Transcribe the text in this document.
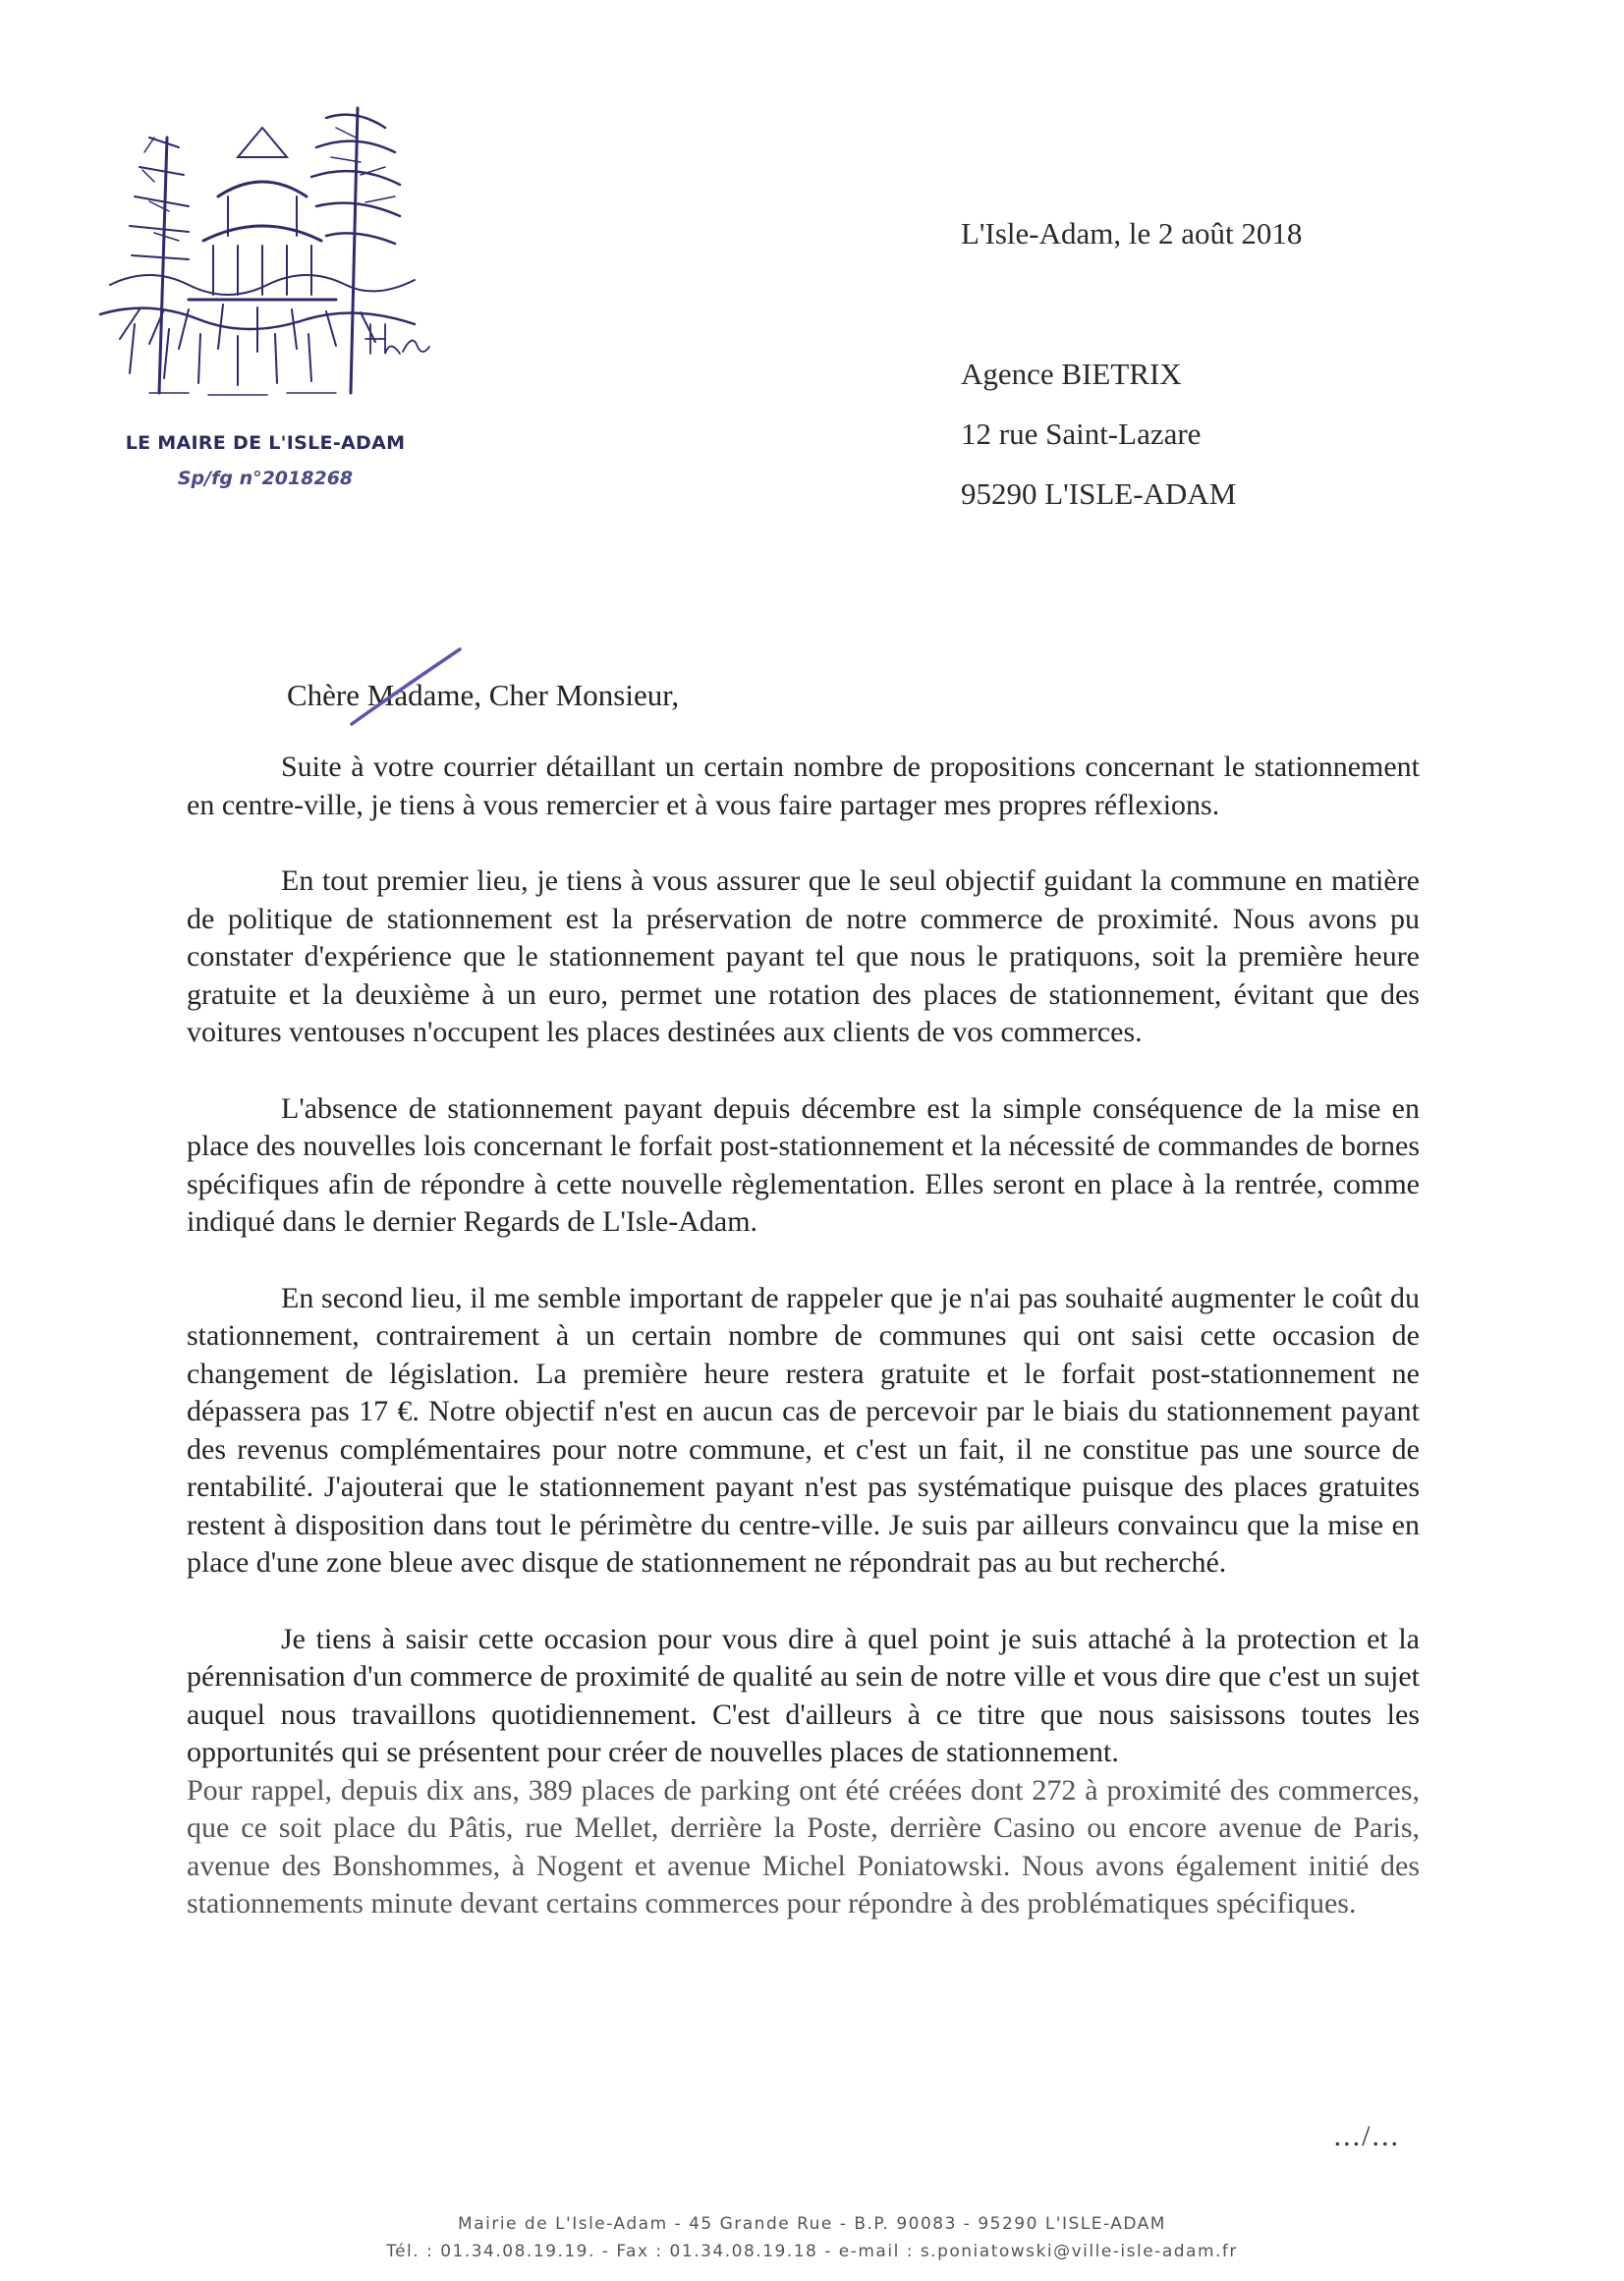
LE MAIRE DE L'ISLE-ADAM
Sp/fg n°2018268
L'Isle-Adam, le 2 août 2018
Agence BIETRIX
12 rue Saint-Lazare
95290 L'ISLE-ADAM
Chère Madame, Cher Monsieur,

Suite à votre courrier détaillant un certain nombre de propositions concernant le stationnement en centre-ville, je tiens à vous remercier et à vous faire partager mes propres réflexions.

En tout premier lieu, je tiens à vous assurer que le seul objectif guidant la commune en matière de politique de stationnement est la préservation de notre commerce de proximité. Nous avons pu constater d'expérience que le stationnement payant tel que nous le pratiquons, soit la première heure gratuite et la deuxième à un euro, permet une rotation des places de stationnement, évitant que des voitures ventouses n'occupent les places destinées aux clients de vos commerces.

L'absence de stationnement payant depuis décembre est la simple conséquence de la mise en place des nouvelles lois concernant le forfait post-stationnement et la nécessité de commandes de bornes spécifiques afin de répondre à cette nouvelle règlementation. Elles seront en place à la rentrée, comme indiqué dans le dernier Regards de L'Isle-Adam.

En second lieu, il me semble important de rappeler que je n'ai pas souhaité augmenter le coût du stationnement, contrairement à un certain nombre de communes qui ont saisi cette occasion de changement de législation. La première heure restera gratuite et le forfait post-stationnement ne dépassera pas 17 €. Notre objectif n'est en aucun cas de percevoir par le biais du stationnement payant des revenus complémentaires pour notre commune, et c'est un fait, il ne constitue pas une source de rentabilité. J'ajouterai que le stationnement payant n'est pas systématique puisque des places gratuites restent à disposition dans tout le périmètre du centre-ville. Je suis par ailleurs convaincu que la mise en place d'une zone bleue avec disque de stationnement ne répondrait pas au but recherché.

Je tiens à saisir cette occasion pour vous dire à quel point je suis attaché à la protection et la pérennisation d'un commerce de proximité de qualité au sein de notre ville et vous dire que c'est un sujet auquel nous travaillons quotidiennement. C'est d'ailleurs à ce titre que nous saisissons toutes les opportunités qui se présentent pour créer de nouvelles places de stationnement.

Pour rappel, depuis dix ans, 389 places de parking ont été créées dont 272 à proximité des commerces, que ce soit place du Pâtis, rue Mellet, derrière la Poste, derrière Casino ou encore avenue de Paris, avenue des Bonshommes, à Nogent et avenue Michel Poniatowski. Nous avons également initié des stationnements minute devant certains commerces pour répondre à des problématiques spécifiques.

.../...
Mairie de L'Isle-Adam - 45 Grande Rue - B.P. 90083 - 95290 L'ISLE-ADAM
Tél. : 01.34.08.19.19. - Fax : 01.34.08.19.18 - e-mail : s.poniatowski@ville-isle-adam.fr
